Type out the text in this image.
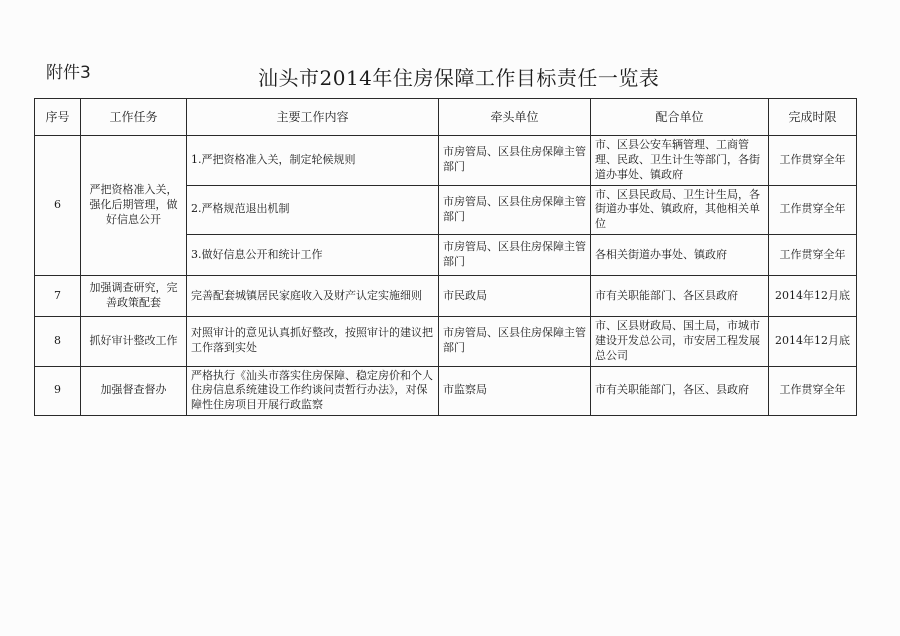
附件3	汕头市2014年住房保障工作目标责任一览表
序号	工作任务	主要工作内容	牵头单位	配合单位	完成时限
6	严把资格准入关，强化后期管理，做好信息公开	1.严把资格准入关，制定轮候规则	市房管局、区县住房保障主管部门	市、区县公安车辆管理、工商管理、民政、卫生计生等部门，各街道办事处、镇政府	工作贯穿全年
		2.严格规范退出机制	市房管局、区县住房保障主管部门	市、区县民政局、卫生计生局，各街道办事处、镇政府，其他相关单位	工作贯穿全年
		3.做好信息公开和统计工作	市房管局、区县住房保障主管部门	各相关街道办事处、镇政府	工作贯穿全年
7	加强调查研究，完善政策配套	完善配套城镇居民家庭收入及财产认定实施细则	市民政局	市有关职能部门、各区县政府	2014年12月底
8	抓好审计整改工作	对照审计的意见认真抓好整改，按照审计的建议把工作落到实处	市房管局、区县住房保障主管部门	市、区县财政局、国土局，市城市建设开发总公司，市安居工程发展总公司	2014年12月底
9	加强督查督办	严格执行《汕头市落实住房保障、稳定房价和个人住房信息系统建设工作约谈问责暂行办法》，对保障性住房项目开展行政监察	市监察局	市有关职能部门，各区、县政府	工作贯穿全年
